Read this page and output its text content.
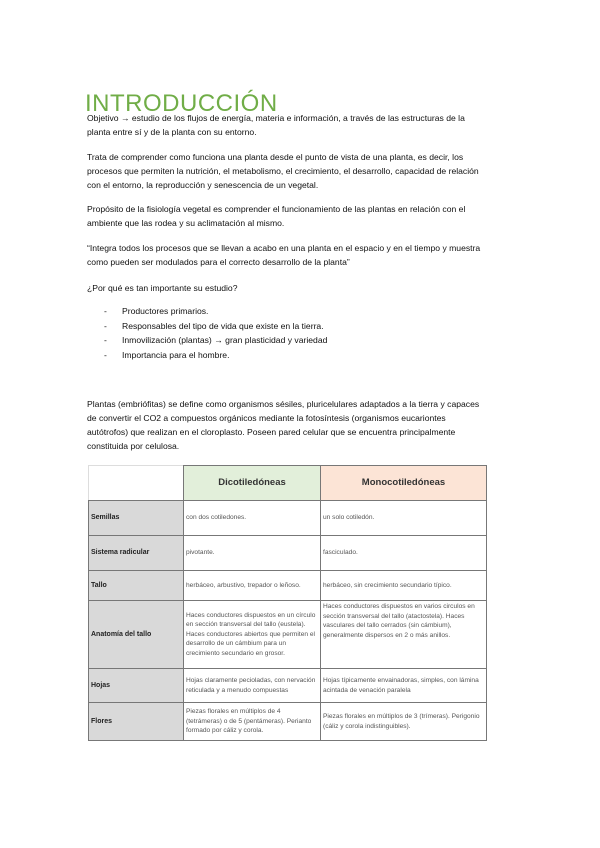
INTRODUCCIÓN
Objetivo → estudio de los flujos de energía, materia e información, a través de las estructuras de la
planta entre sí y de la planta con su entorno.
Trata de comprender como funciona una planta desde el punto de vista de una planta, es decir, los
procesos que permiten la nutrición, el metabolismo, el crecimiento, el desarrollo, capacidad de relación
con el entorno, la reproducción y senescencia de un vegetal.
Propósito de la fisiología vegetal es comprender el funcionamiento de las plantas en relación con el
ambiente que las rodea y su aclimatación al mismo.
“Integra todos los procesos que se llevan a acabo en una planta en el espacio y en el tiempo y muestra
como pueden ser modulados para el correcto desarrollo de la planta”
¿Por qué es tan importante su estudio?
-	Productores primarios.
-	Responsables del tipo de vida que existe en la tierra.
-	Inmovilización (plantas) → gran plasticidad y variedad
-	Importancia para el hombre.
Plantas (embriófitas) se define como organismos sésiles, pluricelulares adaptados a la tierra y capaces
de convertir el CO2 a compuestos orgánicos mediante la fotosíntesis (organismos eucariontes
autótrofos) que realizan en el cloroplasto. Poseen pared celular que se encuentra principalmente
constituida por celulosa.
	Dicotiledóneas	Monocotiledóneas
Semillas	con dos cotiledones.	un solo cotiledón.
Sistema radicular	pivotante.	fasciculado.
Tallo	herbáceo, arbustivo, trepador o leñoso.	herbáceo, sin crecimiento secundario típico.
Anatomía del tallo	Haces conductores dispuestos en un círculo en sección transversal del tallo (eustela). Haces conductores abiertos que permiten el desarrollo de un cámbium para un crecimiento secundario en grosor.	Haces conductores dispuestos en varios circulos en sección transversal del tallo (atactostela). Haces vasculares del tallo cerrados (sin cámbium), generalmente dispersos en 2 o más anillos.
Hojas	Hojas claramente pecioladas, con nervación reticulada y a menudo compuestas	Hojas típicamente envainadoras, simples, con lámina acintada de venación paralela
Flores	Piezas florales en múltiplos de 4 (tetrámeras) o de 5 (pentámeras). Perianto formado por cáliz y corola.	Piezas florales en múltiplos de 3 (trímeras). Perigonio (cáliz y corola indistinguibles).
